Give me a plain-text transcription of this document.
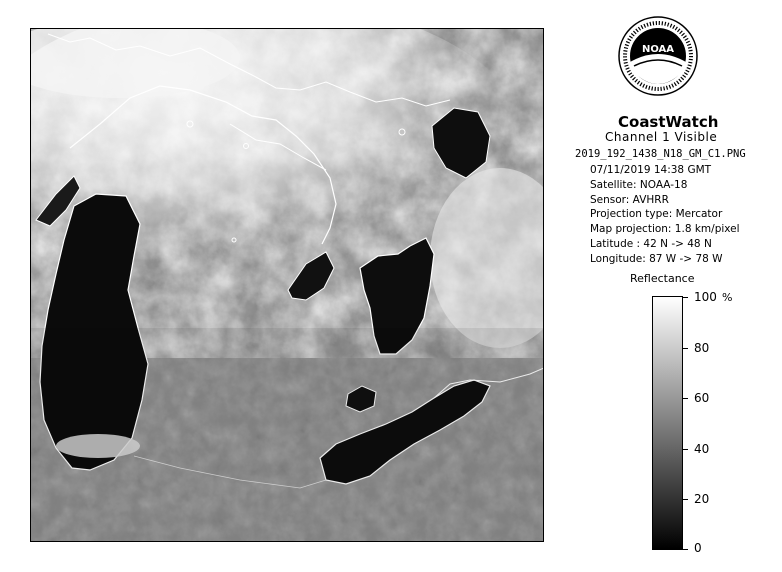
NOAA
CoastWatch
Channel 1 Visible
2019_192_1438_N18_GM_C1.PNG
07/11/2019 14:38 GMT
Satellite: NOAA-18
Sensor: AVHRR
Projection type: Mercator
Map projection: 1.8 km/pixel
Latitude : 42 N -> 48 N
Longitude: 87 W -> 78 W
Reflectance
%
100
80
60
40
20
0
